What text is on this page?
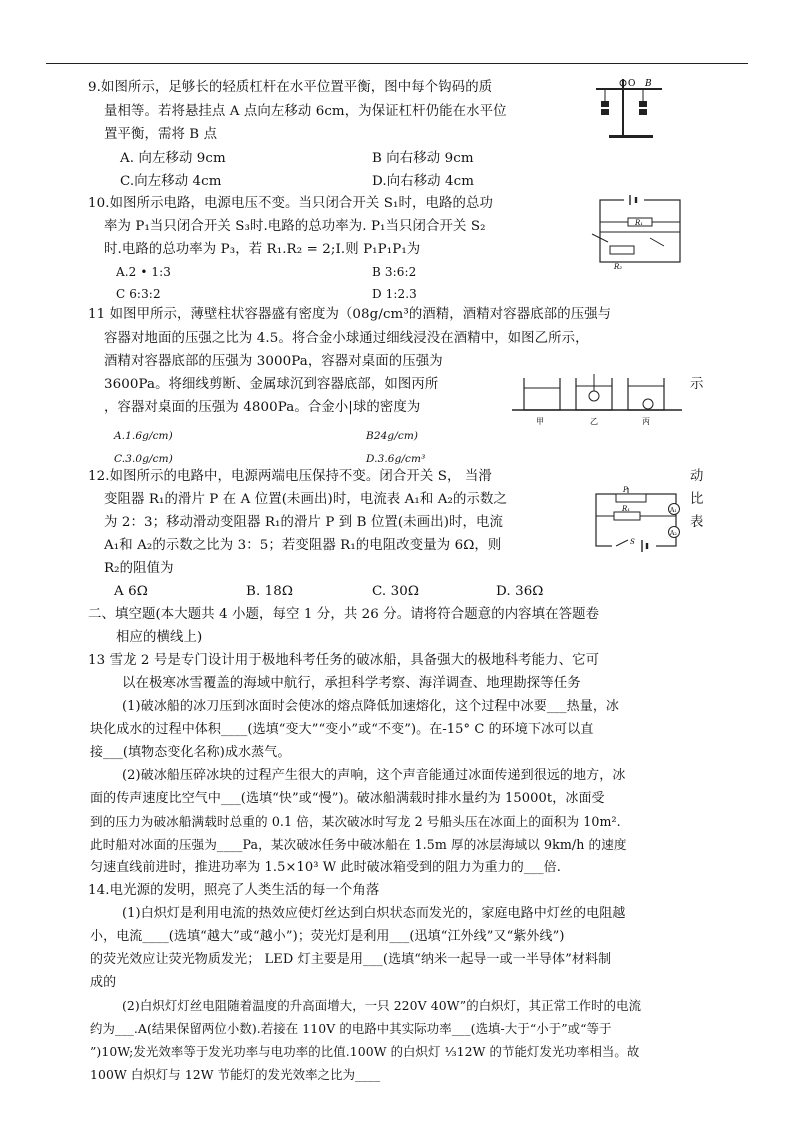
9.如图所示，足够长的轻质杠杆在水平位置平衡，图中每个钩码的质
量相等。若将悬挂点 A 点向左移动 6cm，为保证杠杆仍能在水平位
置平衡，需将 B 点
A. 向左移动 9cm	B 向右移动 9cm
C.向左移动 4cm	D.向右移动 4cm
O B
10.如图所示电路，电源电压不变。当只闭合开关 S₁时，电路的总功
率为 P₁当只闭合开关 S₃时.电路的总功率为. P₁当只闭合开关 S₂
时.电路的总功率为 P₃，若 R₁.R₂ = 2;I.则 P₁P₁P₁为
A.2 • 1:3	B 3:6:2
C 6:3:2	D 1:2.3
R₁
R₂
11 如图甲所示，薄壁柱状容器盛有密度为（08g/cm³的酒精，酒精对容器底部的压强与
容器对地面的压强之比为 4.5。将合金小球通过细线浸没在酒精中，如图乙所示，
酒精对容器底部的压强为 3000Pa，容器对桌面的压强为
3600Pa。将细线剪断、金属球沉到容器底部，如图丙所
，容器对桌面的压强为 4800Pa。合金小|球的密度为
示
A.1.6g/cm)	B24g/cm)
C.3.0g/cm)	D.3.6g/cm³
甲	乙	丙
12.如图所示的电路中，电源两端电压保持不变。闭合开关 S， 当滑
变阻器 R₁的滑片 P 在 A 位置(未画出)时，电流表 A₁和 A₂的示数之
为 2：3；移动滑动变阻器 R₁的滑片 P 到 B 位置(未画出)时，电流
A₁和 A₂的示数之比为 3：5；若变阻器 R₁的电阻改变量为 6Ω，则
R₂的阻值为
动
比
表
A 6Ω	B. 18Ω	C. 30Ω	D. 36Ω
P
R₁	A₁
A₂
S
二、填空题(本大题共 4 小题，每空 1 分，共 26 分。请将符合题意的内容填在答题卷
相应的横线上)
13 雪龙 2 号是专门设计用于极地科考任务的破冰船，具备强大的极地科考能力、它可
以在极寒冰雪覆盖的海域中航行，承担科学考察、海洋调查、地理勘探等任务
(1)破冰船的冰刀压到冰面时会使冰的熔点降低加速熔化，这个过程中冰要___热量，冰
块化成水的过程中体积____(选填“变大”“变小”或“不变”)。在-15° C 的环境下冰可以直
接___(填物态变化名称)成水蒸气。
(2)破冰船压碎冰块的过程产生很大的声响，这个声音能通过冰面传递到很远的地方，冰
面的传声速度比空气中___(选填“快”或“慢”)。破冰船满载时排水量约为 15000t，冰面受
到的压力为破冰船满载时总重的 0.1 倍，某次破冰时写龙 2 号船头压在冰面上的面积为 10m².
此时船对冰面的压强为____Pa，某次破冰任务中破冰船在 1.5m 厚的冰层海域以 9km/h 的速度
匀速直线前进时，推进功率为 1.5×10³ W 此时破冰箱受到的阻力为重力的___倍.
14.电光源的发明，照亮了人类生活的每一个角落
(1)白炽灯是利用电流的热效应使灯丝达到白炽状态而发光的，家庭电路中灯丝的电阻越
小，电流____(选填“越大”或“越小”)；荧光灯是利用___(迅填“江外线”又“紫外线”)
的荧光效应让荧光物质发光； LED 灯主要是用___(选填“纳米一起导一或一半导体”材料制
成的
(2)白炽灯灯丝电阻随着温度的升高面增大，一只 220V 40W”的白炽灯，其正常工作时的电流
约为___.A(结果保留两位小数).若接在 110V 的电路中其实际功率___(选填-大于“小于”或“等于
”)10W;发光效率等于发光功率与电功率的比值.100W 的白炽灯 ⅓12W 的节能灯发光功率相当。故
100W 白炽灯与 12W 节能灯的发光效率之比为____
